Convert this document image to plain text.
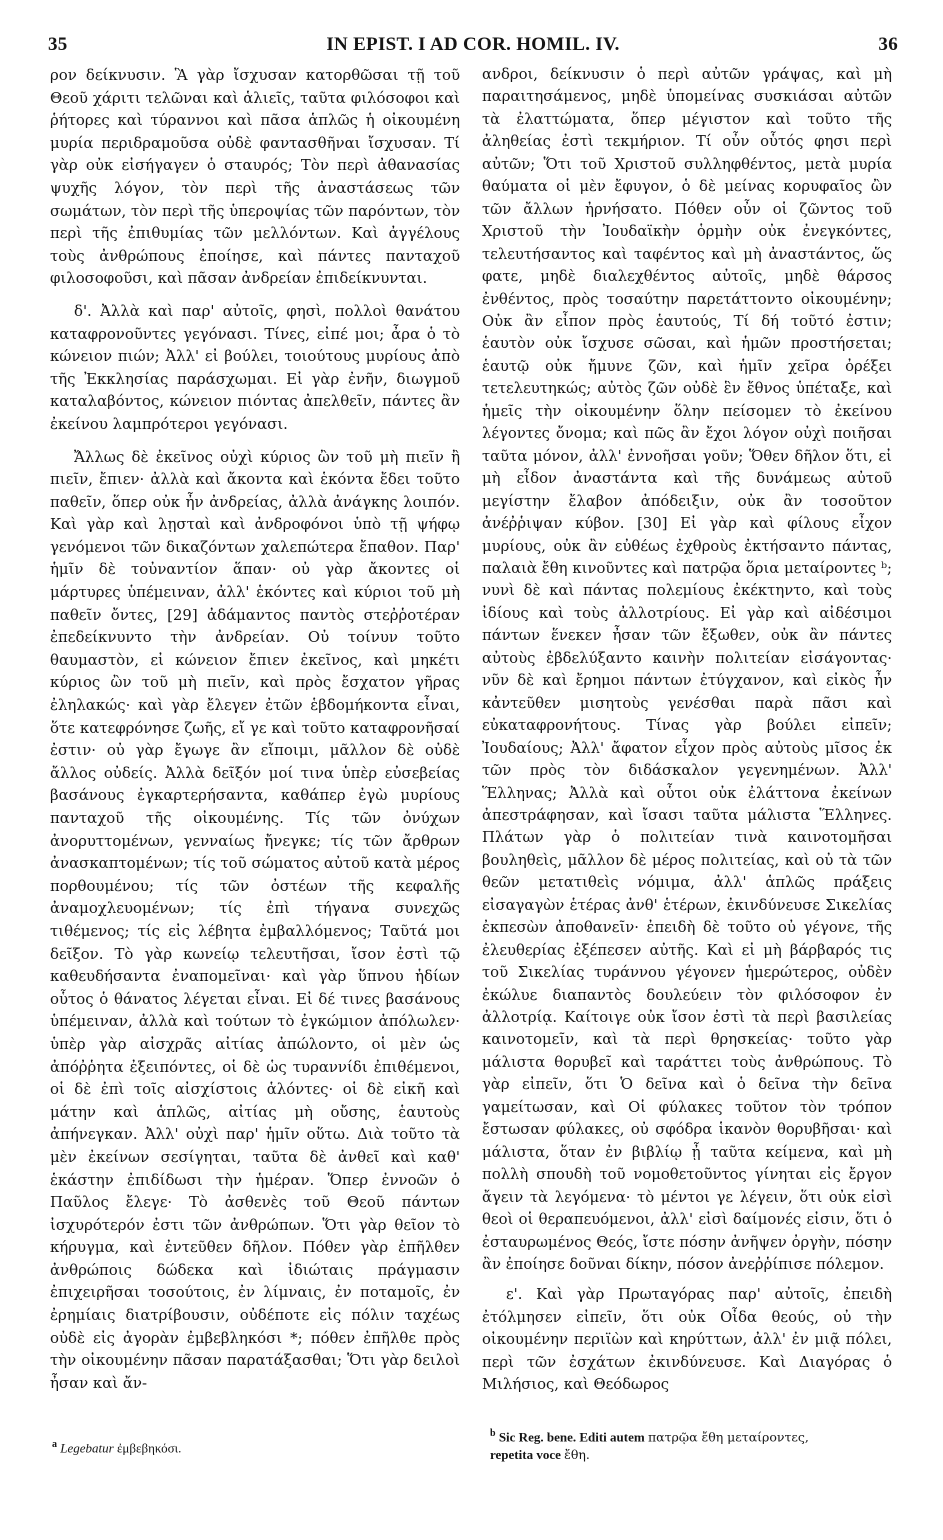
35	IN EPIST. I AD COR. HOMIL. IV.	36

ρον δείκνυσιν. Ἃ γὰρ ἴσχυσαν κατορθῶσαι τῇ τοῦ Θεοῦ χάριτι τελῶναι καὶ ἁλιεῖς, ταῦτα φιλόσοφοι καὶ ῥήτορες καὶ τύραννοι καὶ πᾶσα ἁπλῶς ἡ οἰκουμένη μυρία περιδραμοῦσα οὐδὲ φαντασθῆναι ἴσχυσαν. Τί γὰρ οὐκ εἰσήγαγεν ὁ σταυρός; Τὸν περὶ ἀθανασίας ψυχῆς λόγον, τὸν περὶ τῆς ἀναστάσεως τῶν σωμάτων, τὸν περὶ τῆς ὑπεροψίας τῶν παρόντων, τὸν περὶ τῆς ἐπιθυμίας τῶν μελλόντων. Καὶ ἀγγέλους τοὺς ἀνθρώπους ἐποίησε, καὶ πάντες πανταχοῦ φιλοσοφοῦσι, καὶ πᾶσαν ἀνδρείαν ἐπιδείκνυνται.

δ'. Ἀλλὰ καὶ παρ' αὐτοῖς, φησὶ, πολλοὶ θανάτου καταφρονοῦντες γεγόνασι. Τίνες, εἰπέ μοι; ἆρα ὁ τὸ κώνειον πιών; Ἀλλ' εἰ βούλει, τοιούτους μυρίους ἀπὸ τῆς Ἐκκλησίας παράσχωμαι. Εἰ γὰρ ἐνῆν, διωγμοῦ καταλαβόντος, κώνειον πιόντας ἀπελθεῖν, πάντες ἂν ἐκείνου λαμπρότεροι γεγόνασι.

Ἄλλως δὲ ἐκεῖνος οὐχὶ κύριος ὢν τοῦ μὴ πιεῖν ἢ πιεῖν, ἔπιεν· ἀλλὰ καὶ ἄκοντα καὶ ἑκόντα ἔδει τοῦτο παθεῖν, ὅπερ οὐκ ἦν ἀνδρείας, ἀλλὰ ἀνάγκης λοιπόν. Καὶ γὰρ καὶ λῃσταὶ καὶ ἀνδροφόνοι ὑπὸ τῇ ψήφῳ γενόμενοι τῶν δικαζόντων χαλεπώτερα ἔπαθον. Παρ' ἡμῖν δὲ τοὐναντίον ἅπαν· οὐ γὰρ ἄκοντες οἱ μάρτυρες ὑπέμειναν, ἀλλ' ἑκόντες καὶ κύριοι τοῦ μὴ παθεῖν ὄντες, [29] ἀδάμαντος παντὸς στεῤῥοτέραν ἐπεδείκνυντο τὴν ἀνδρείαν. Οὐ τοίνυν τοῦτο θαυμαστὸν, εἰ κώνειον ἔπιεν ἐκεῖνος, καὶ μηκέτι κύριος ὢν τοῦ μὴ πιεῖν, καὶ πρὸς ἔσχατον γῆρας ἐληλακώς· καὶ γὰρ ἔλεγεν ἐτῶν ἑβδομήκοντα εἶναι, ὅτε κατεφρόνησε ζωῆς, εἴ γε καὶ τοῦτο καταφρονῆσαί ἐστιν· οὐ γὰρ ἔγωγε ἂν εἴποιμι, μᾶλλον δὲ οὐδὲ ἄλλος οὐδείς. Ἀλλὰ δεῖξόν μοί τινα ὑπὲρ εὐσεβείας βασάνους ἐγκαρτερήσαντα, καθάπερ ἐγὼ μυρίους πανταχοῦ τῆς οἰκουμένης. Τίς τῶν ὀνύχων ἀνορυττομένων, γενναίως ἤνεγκε; τίς τῶν ἄρθρων ἀνασκαπτομένων; τίς τοῦ σώματος αὐτοῦ κατὰ μέρος πορθουμένου; τίς τῶν ὀστέων τῆς κεφαλῆς ἀναμοχλευομένων; τίς ἐπὶ τήγανα συνεχῶς τιθέμενος; τίς εἰς λέβητα ἐμβαλλόμενος; Ταῦτά μοι δεῖξον. Τὸ γὰρ κωνείῳ τελευτῆσαι, ἴσον ἐστὶ τῷ καθευδήσαντα ἐναπομεῖναι· καὶ γὰρ ὕπνου ἡδίων οὗτος ὁ θάνατος λέγεται εἶναι. Εἰ δέ τινες βασάνους ὑπέμειναν, ἀλλὰ καὶ τούτων τὸ ἐγκώμιον ἀπόλωλεν· ὑπὲρ γὰρ αἰσχρᾶς αἰτίας ἀπώλοντο, οἱ μὲν ὡς ἀπόῤῥητα ἐξειπόντες, οἱ δὲ ὡς τυραννίδι ἐπιθέμενοι, οἱ δὲ ἐπὶ τοῖς αἰσχίστοις ἁλόντες· οἱ δὲ εἰκῆ καὶ μάτην καὶ ἁπλῶς, αἰτίας μὴ οὔσης, ἑαυτοὺς ἀπήνεγκαν. Ἀλλ' οὐχὶ παρ' ἡμῖν οὕτω. Διὰ τοῦτο τὰ μὲν ἐκείνων σεσίγηται, ταῦτα δὲ ἀνθεῖ καὶ καθ' ἑκάστην ἐπιδίδωσι τὴν ἡμέραν. Ὅπερ ἐννοῶν ὁ Παῦλος ἔλεγε· Τὸ ἀσθενὲς τοῦ Θεοῦ πάντων ἰσχυρότερόν ἐστι τῶν ἀνθρώπων. Ὅτι γὰρ θεῖον τὸ κήρυγμα, καὶ ἐντεῦθεν δῆλον. Πόθεν γὰρ ἐπῆλθεν ἀνθρώποις δώδεκα καὶ ἰδιώταις πράγμασιν ἐπιχειρῆσαι τοσούτοις, ἐν λίμναις, ἐν ποταμοῖς, ἐν ἐρημίαις διατρίβουσιν, οὐδέποτε εἰς πόλιν ταχέως οὐδὲ εἰς ἀγορὰν ἐμβεβληκόσι *; πόθεν ἐπῆλθε πρὸς τὴν οἰκουμένην πᾶσαν παρατάξασθαι; Ὅτι γὰρ δειλοὶ ἦσαν καὶ ἄν-

ανδροι, δείκνυσιν ὁ περὶ αὐτῶν γράψας, καὶ μὴ παραιτησάμενος, μηδὲ ὑπομείνας συσκιάσαι αὐτῶν τὰ ἐλαττώματα, ὅπερ μέγιστον καὶ τοῦτο τῆς ἀληθείας ἐστὶ τεκμήριον. Τί οὖν οὗτός φησι περὶ αὐτῶν; Ὅτι τοῦ Χριστοῦ συλληφθέντος, μετὰ μυρία θαύματα οἱ μὲν ἔφυγον, ὁ δὲ μείνας κορυφαῖος ὢν τῶν ἄλλων ἠρνήσατο. Πόθεν οὖν οἱ ζῶντος τοῦ Χριστοῦ τὴν Ἰουδαϊκὴν ὁρμὴν οὐκ ἐνεγκόντες, τελευτήσαντος καὶ ταφέντος καὶ μὴ ἀναστάντος, ὥς φατε, μηδὲ διαλεχθέντος αὐτοῖς, μηδὲ θάρσος ἐνθέντος, πρὸς τοσαύτην παρετάττοντο οἰκουμένην; Οὐκ ἂν εἶπον πρὸς ἑαυτούς, Τί δή τοῦτό ἐστιν; ἑαυτὸν οὐκ ἴσχυσε σῶσαι, καὶ ἡμῶν προστήσεται; ἑαυτῷ οὐκ ἤμυνε ζῶν, καὶ ἡμῖν χεῖρα ὀρέξει τετελευτηκώς; αὐτὸς ζῶν οὐδὲ ἓν ἔθνος ὑπέταξε, καὶ ἡμεῖς τὴν οἰκουμένην ὅλην πείσομεν τὸ ἐκείνου λέγοντες ὄνομα; καὶ πῶς ἂν ἔχοι λόγον οὐχὶ ποιῆσαι ταῦτα μόνον, ἀλλ' ἐννοῆσαι γοῦν; Ὅθεν δῆλον ὅτι, εἰ μὴ εἶδον ἀναστάντα καὶ τῆς δυνάμεως αὐτοῦ μεγίστην ἔλαβον ἀπόδειξιν, οὐκ ἂν τοσοῦτον ἀνέῤῥιψαν κύβον. [30] Εἰ γὰρ καὶ φίλους εἶχον μυρίους, οὐκ ἂν εὐθέως ἐχθροὺς ἐκτήσαντο πάντας, παλαιὰ ἔθη κινοῦντες καὶ πατρῷα ὅρια μεταίροντες ᵇ; νυνὶ δὲ καὶ πάντας πολεμίους ἐκέκτηντο, καὶ τοὺς ἰδίους καὶ τοὺς ἀλλοτρίους. Εἰ γὰρ καὶ αἰδέσιμοι πάντων ἕνεκεν ἦσαν τῶν ἔξωθεν, οὐκ ἂν πάντες αὐτοὺς ἐβδελύξαντο καινὴν πολιτείαν εἰσάγοντας· νῦν δὲ καὶ ἔρημοι πάντων ἐτύγχανον, καὶ εἰκὸς ἦν κἀντεῦθεν μισητοὺς γενέσθαι παρὰ πᾶσι καὶ εὐκαταφρονήτους. Τίνας γὰρ βούλει εἰπεῖν; Ἰουδαίους; Ἀλλ' ἄφατον εἶχον πρὸς αὐτοὺς μῖσος ἐκ τῶν πρὸς τὸν διδάσκαλον γεγενημένων. Ἀλλ' Ἕλληνας; Ἀλλὰ καὶ οὗτοι οὐκ ἐλάττονα ἐκείνων ἀπεστράφησαν, καὶ ἴσασι ταῦτα μάλιστα Ἕλληνες. Πλάτων γὰρ ὁ πολιτείαν τινὰ καινοτομῆσαι βουληθεὶς, μᾶλλον δὲ μέρος πολιτείας, καὶ οὐ τὰ τῶν θεῶν μετατιθεὶς νόμιμα, ἀλλ' ἁπλῶς πράξεις εἰσαγαγὼν ἑτέρας ἀνθ' ἑτέρων, ἐκινδύνευσε Σικελίας ἐκπεσὼν ἀποθανεῖν· ἐπειδὴ δὲ τοῦτο οὐ γέγονε, τῆς ἐλευθερίας ἐξέπεσεν αὐτῆς. Καὶ εἰ μὴ βάρβαρός τις τοῦ Σικελίας τυράννου γέγονεν ἡμερώτερος, οὐδὲν ἐκώλυε διαπαντὸς δουλεύειν τὸν φιλόσοφον ἐν ἀλλοτρίᾳ. Καίτοιγε οὐκ ἴσον ἐστὶ τὰ περὶ βασιλείας καινοτομεῖν, καὶ τὰ περὶ θρησκείας· τοῦτο γὰρ μάλιστα θορυβεῖ καὶ ταράττει τοὺς ἀνθρώπους. Τὸ γὰρ εἰπεῖν, ὅτι Ὁ δεῖνα καὶ ὁ δεῖνα τὴν δεῖνα γαμείτωσαν, καὶ Οἱ φύλακες τοῦτον τὸν τρόπον ἔστωσαν φύλακες, οὐ σφόδρα ἱκανὸν θορυβῆσαι· καὶ μάλιστα, ὅταν ἐν βιβλίῳ ᾖ ταῦτα κείμενα, καὶ μὴ πολλὴ σπουδὴ τοῦ νομοθετοῦντος γίνηται εἰς ἔργον ἄγειν τὰ λεγόμενα· τὸ μέντοι γε λέγειν, ὅτι οὐκ εἰσὶ θεοὶ οἱ θεραπευόμενοι, ἀλλ' εἰσὶ δαίμονές εἰσιν, ὅτι ὁ ἐσταυρωμένος Θεός, ἴστε πόσην ἀνῆψεν ὀργὴν, πόσην ἂν ἐποίησε δοῦναι δίκην, πόσον ἀνεῤῥίπισε πόλεμον.

ε'. Καὶ γὰρ Πρωταγόρας παρ' αὐτοῖς, ἐπειδὴ ἐτόλμησεν εἰπεῖν, ὅτι οὐκ Οἶδα θεούς, οὐ τὴν οἰκουμένην περιϊὼν καὶ κηρύττων, ἀλλ' ἐν μιᾷ πόλει, περὶ τῶν ἐσχάτων ἐκινδύνευσε. Καὶ Διαγόρας ὁ Μιλήσιος, καὶ Θεόδωρος

$^a$ Legebatur ἐμβεβηκόσι.
$^b$ Sic Reg. bene. Editi autem πατρῷα ἔθη μεταίροντες,
repetita voce ἔθη.
